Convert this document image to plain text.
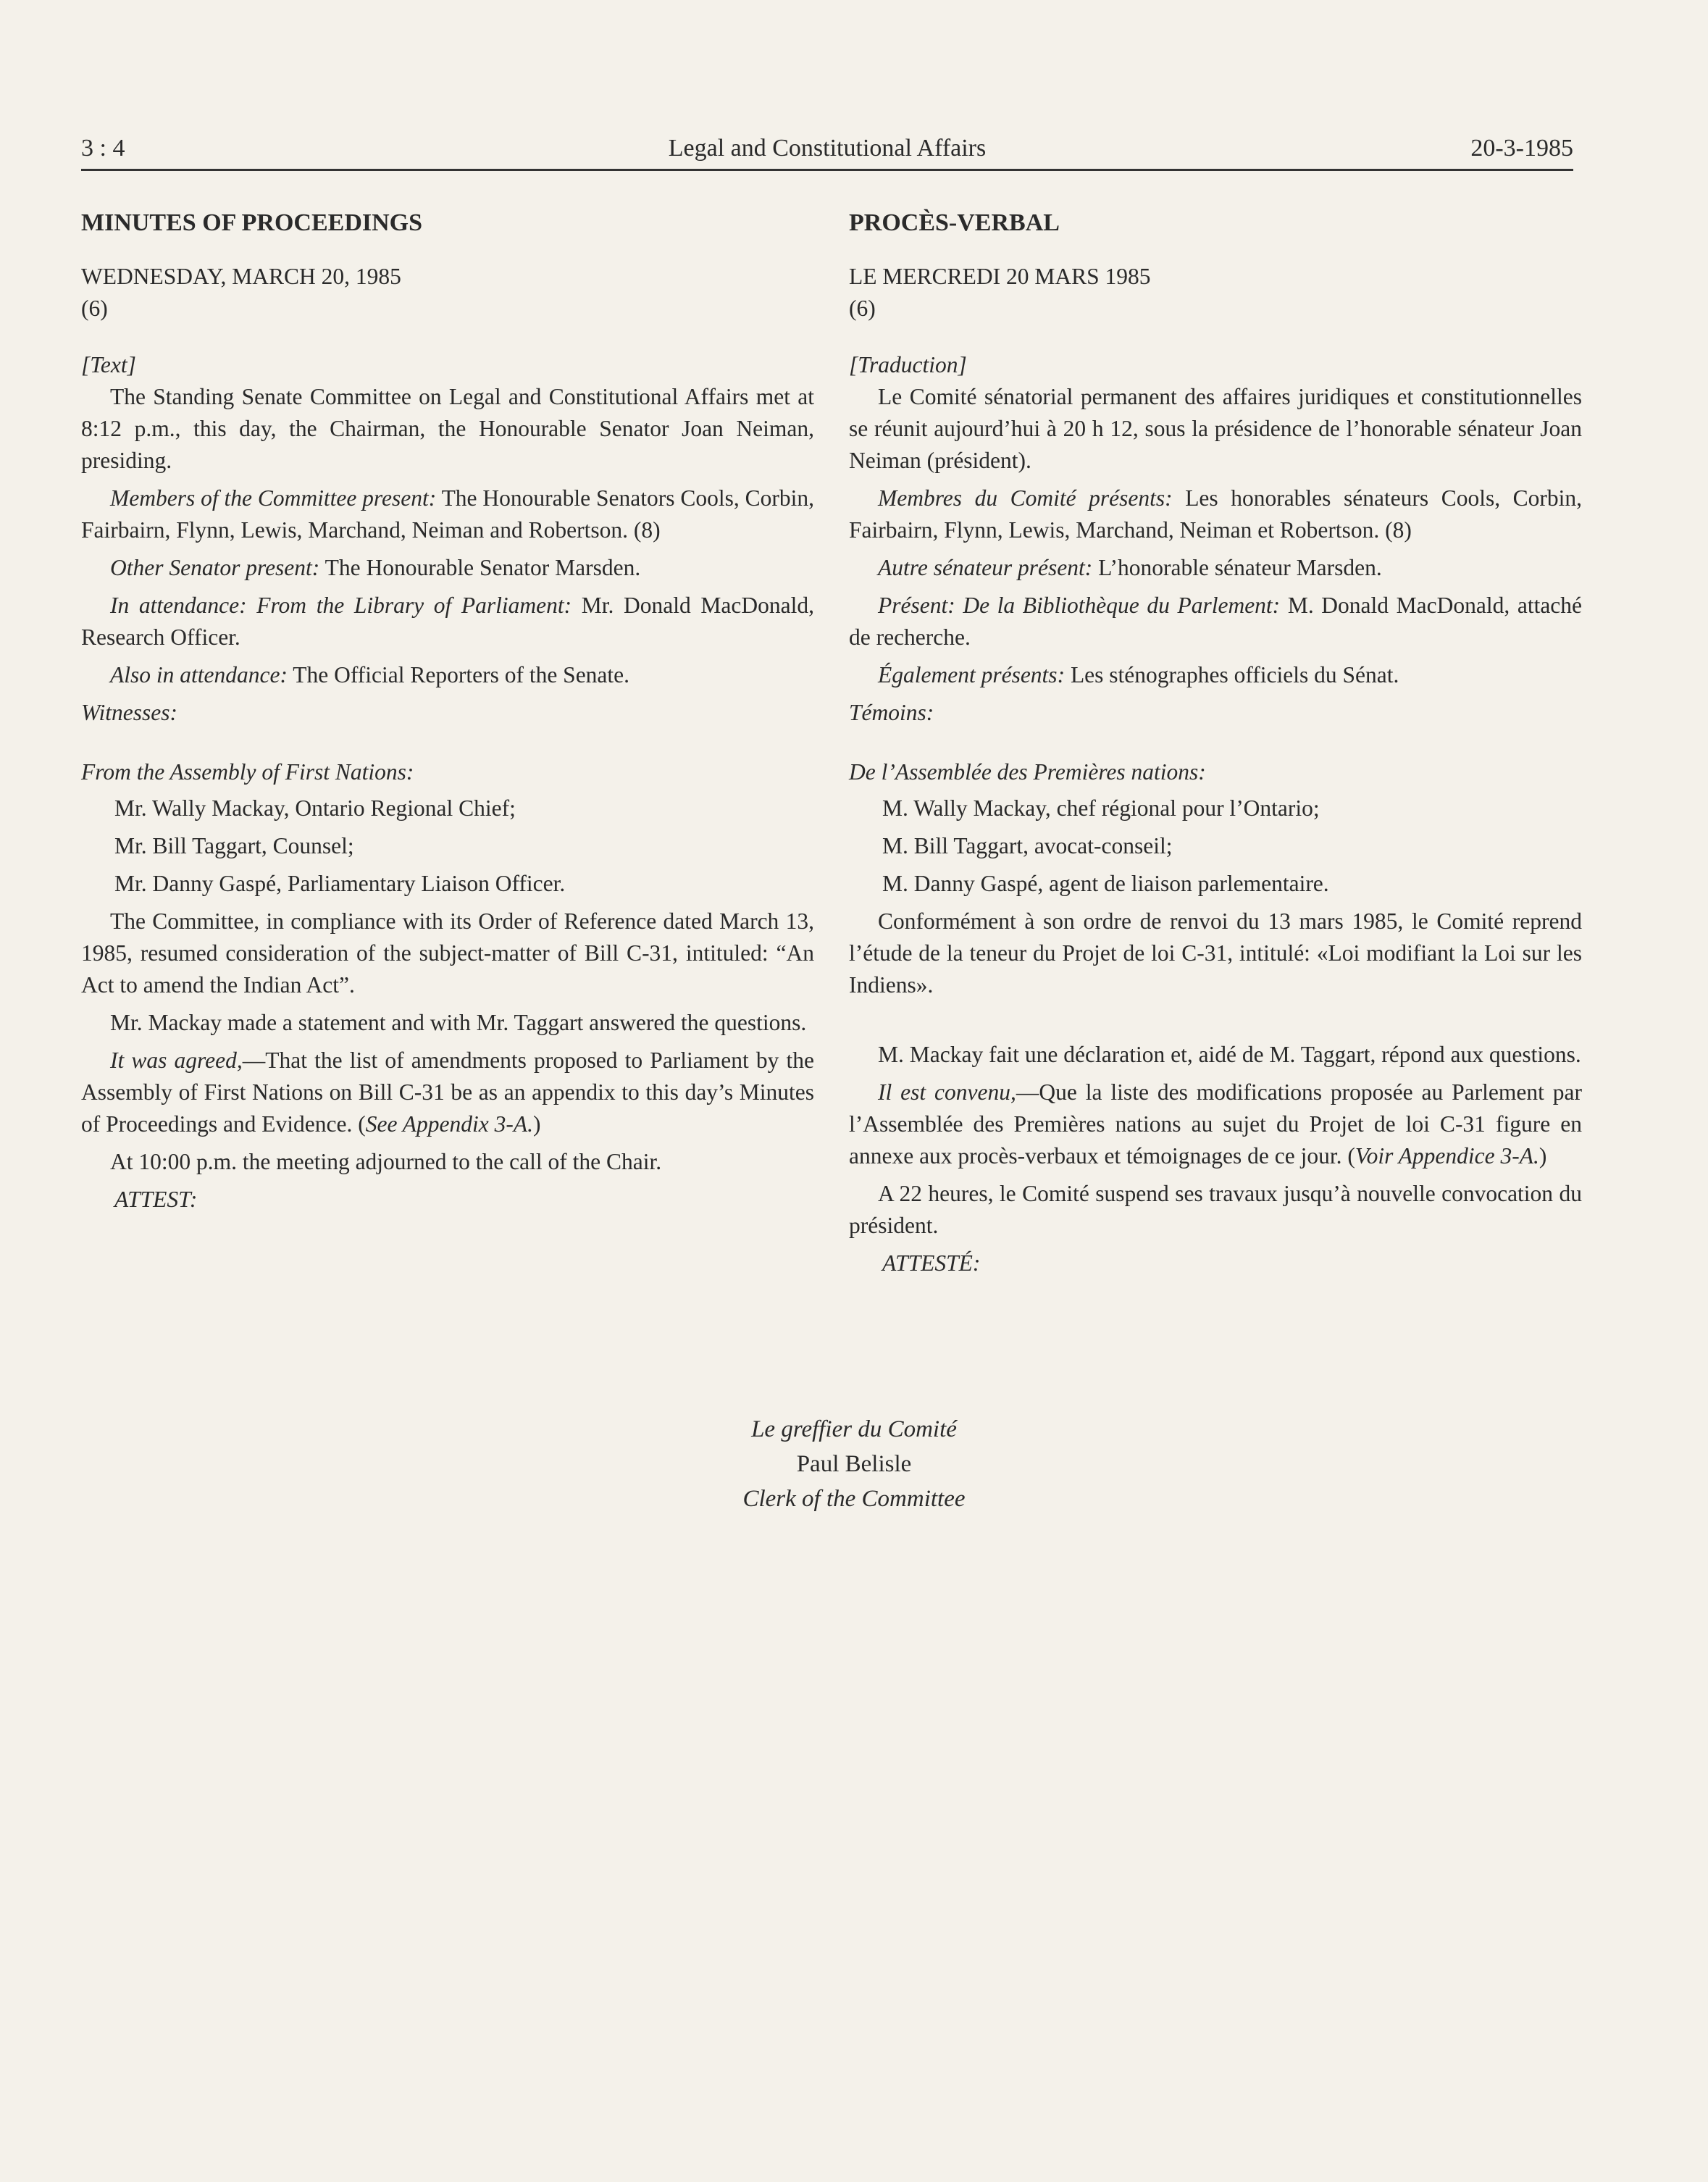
3 : 4	Legal and Constitutional Affairs	20-3-1985
MINUTES OF PROCEEDINGS
WEDNESDAY, MARCH 20, 1985
(6)
[Text]

The Standing Senate Committee on Legal and Constitutional Affairs met at 8:12 p.m., this day, the Chairman, the Honourable Senator Joan Neiman, presiding.

Members of the Committee present: The Honourable Senators Cools, Corbin, Fairbairn, Flynn, Lewis, Marchand, Neiman and Robertson. (8)

Other Senator present: The Honourable Senator Marsden.

In attendance: From the Library of Parliament: Mr. Donald MacDonald, Research Officer.

Also in attendance: The Official Reporters of the Senate.

Witnesses:
From the Assembly of First Nations:
Mr. Wally Mackay, Ontario Regional Chief;
Mr. Bill Taggart, Counsel;
Mr. Danny Gaspé, Parliamentary Liaison Officer.

The Committee, in compliance with its Order of Reference dated March 13, 1985, resumed consideration of the subject-matter of Bill C-31, intituled: “An Act to amend the Indian Act”.

Mr. Mackay made a statement and with Mr. Taggart answered the questions.

It was agreed,—That the list of amendments proposed to Parliament by the Assembly of First Nations on Bill C-31 be as an appendix to this day’s Minutes of Proceedings and Evidence. (See Appendix 3-A.)

At 10:00 p.m. the meeting adjourned to the call of the Chair.

ATTEST:
PROCÈS-VERBAL
LE MERCREDI 20 MARS 1985
(6)
[Traduction]

Le Comité sénatorial permanent des affaires juridiques et constitutionnelles se réunit aujourd’hui à 20 h 12, sous la présidence de l’honorable sénateur Joan Neiman (président).

Membres du Comité présents: Les honorables sénateurs Cools, Corbin, Fairbairn, Flynn, Lewis, Marchand, Neiman et Robertson. (8)

Autre sénateur présent: L’honorable sénateur Marsden.

Présent: De la Bibliothèque du Parlement: M. Donald MacDonald, attaché de recherche.

Également présents: Les sténographes officiels du Sénat.

Témoins:
De l’Assemblée des Premières nations:
M. Wally Mackay, chef régional pour l’Ontario;
M. Bill Taggart, avocat-conseil;
M. Danny Gaspé, agent de liaison parlementaire.

Conformément à son ordre de renvoi du 13 mars 1985, le Comité reprend l’étude de la teneur du Projet de loi C-31, intitulé: «Loi modifiant la Loi sur les Indiens».

M. Mackay fait une déclaration et, aidé de M. Taggart, répond aux questions.

Il est convenu,—Que la liste des modifications proposée au Parlement par l’Assemblée des Premières nations au sujet du Projet de loi C-31 figure en annexe aux procès-verbaux et témoignages de ce jour. (Voir Appendice 3-A.)

A 22 heures, le Comité suspend ses travaux jusqu’à nouvelle convocation du président.

ATTESTÉ:
Le greffier du Comité
Paul Belisle
Clerk of the Committee
